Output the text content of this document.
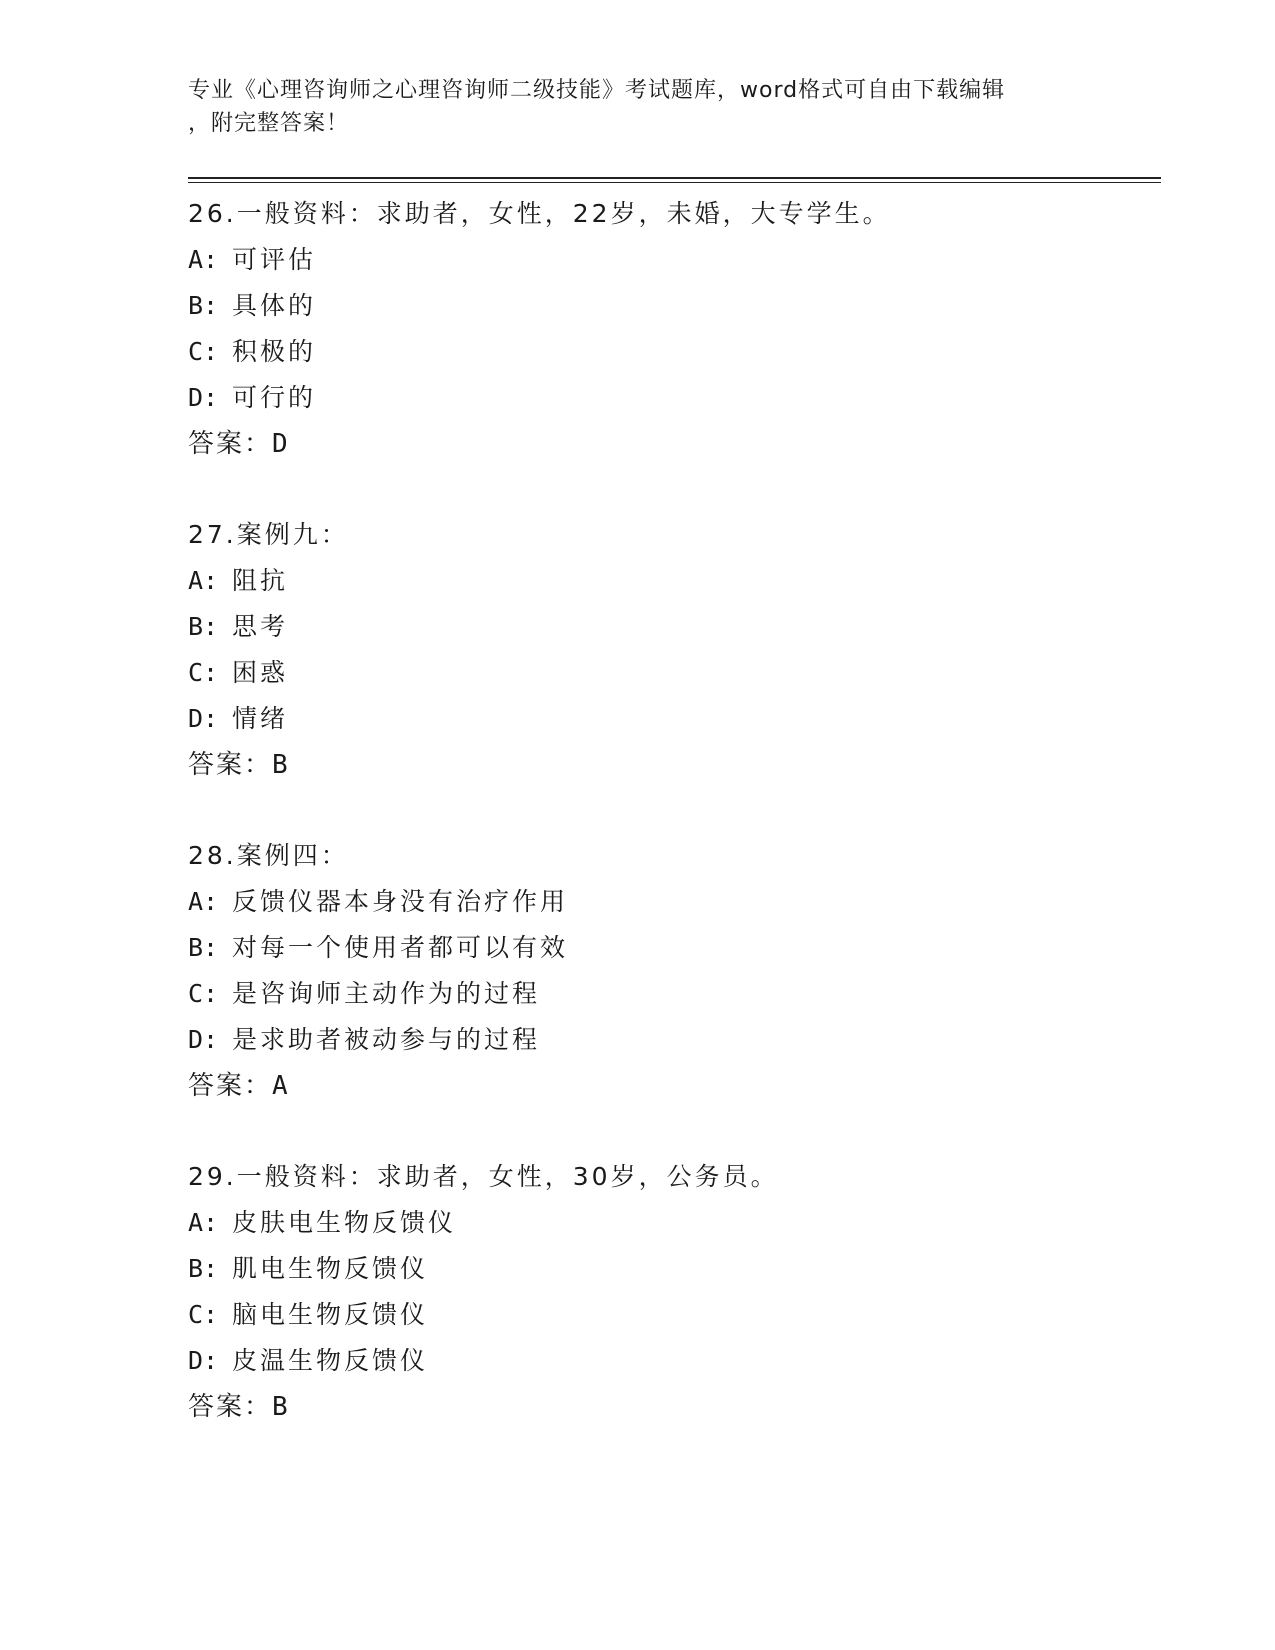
专业《心理咨询师之心理咨询师二级技能》考试题库，word格式可自由下载编辑
，附完整答案！
26.一般资料：求助者，女性，22岁，未婚，大专学生。
A: 可评估
B: 具体的
C: 积极的
D: 可行的
答案：D
27.案例九：
A: 阻抗
B: 思考
C: 困惑
D: 情绪
答案：B
28.案例四：
A: 反馈仪器本身没有治疗作用
B: 对每一个使用者都可以有效
C: 是咨询师主动作为的过程
D: 是求助者被动参与的过程
答案：A
29.一般资料：求助者，女性，30岁，公务员。
A: 皮肤电生物反馈仪
B: 肌电生物反馈仪
C: 脑电生物反馈仪
D: 皮温生物反馈仪
答案：B
